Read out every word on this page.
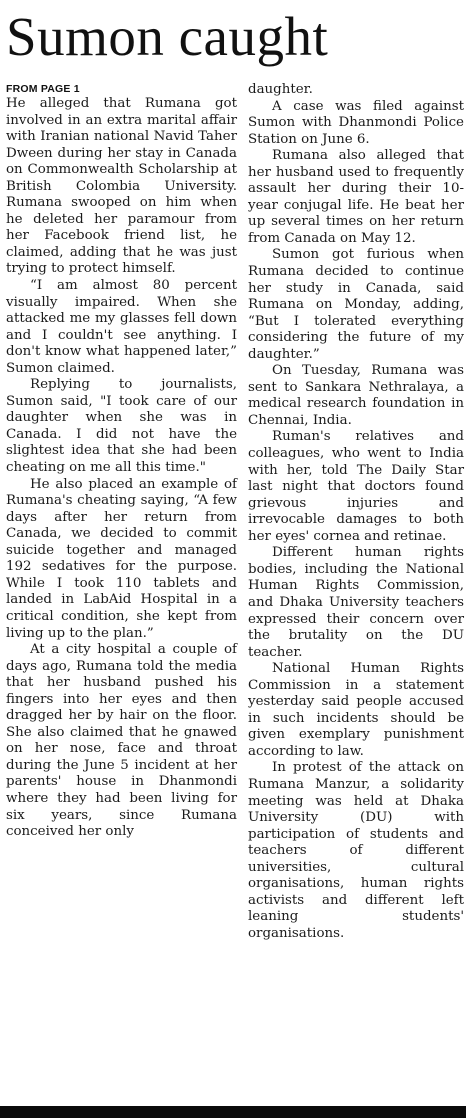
Sumon caught
FROM PAGE 1

He alleged that Rumana got involved in an extra marital affair with Iranian national Navid Taher Dween during her stay in Canada on Commonwealth Scholarship at British Colombia University. Rumana swooped on him when he deleted her paramour from her Facebook friend list, he claimed, adding that he was just trying to protect himself.

“I am almost 80 percent visually impaired. When she attacked me my glasses fell down and I couldn't see anything. I don't know what happened later,” Sumon claimed.

Replying to journalists, Sumon said, "I took care of our daughter when she was in Canada. I did not have the slightest idea that she had been cheating on me all this time."

He also placed an example of Rumana's cheating saying, “A few days after her return from Canada, we decided to commit suicide together and managed 192 sedatives for the purpose. While I took 110 tablets and landed in LabAid Hospital in a critical condition, she kept from living up to the plan.”

At a city hospital a couple of days ago, Rumana told the media that her husband pushed his fingers into her eyes and then dragged her by hair on the floor. She also claimed that he gnawed on her nose, face and throat during the June 5 incident at her parents' house in Dhanmondi where they had been living for six years, since Rumana conceived her only

daughter.

A case was filed against Sumon with Dhanmondi Police Station on June 6.

Rumana also alleged that her husband used to frequently assault her during their 10-year conjugal life. He beat her up several times on her return from Canada on May 12.

Sumon got furious when Rumana decided to continue her study in Canada, said Rumana on Monday, adding, “But I tolerated everything considering the future of my daughter.”

On Tuesday, Rumana was sent to Sankara Nethralaya, a medical research foundation in Chennai, India.

Ruman's relatives and colleagues, who went to India with her, told The Daily Star last night that doctors found grievous injuries and irrevocable damages to both her eyes' cornea and retinae.

Different human rights bodies, including the National Human Rights Commission, and Dhaka University teachers expressed their concern over the brutality on the DU teacher.

National Human Rights Commission in a statement yesterday said people accused in such incidents should be given exemplary punishment according to law.

In protest of the attack on Rumana Manzur, a solidarity meeting was held at Dhaka University (DU) with participation of students and teachers of different universities, cultural organisations, human rights activists and different left leaning students' organisations.
